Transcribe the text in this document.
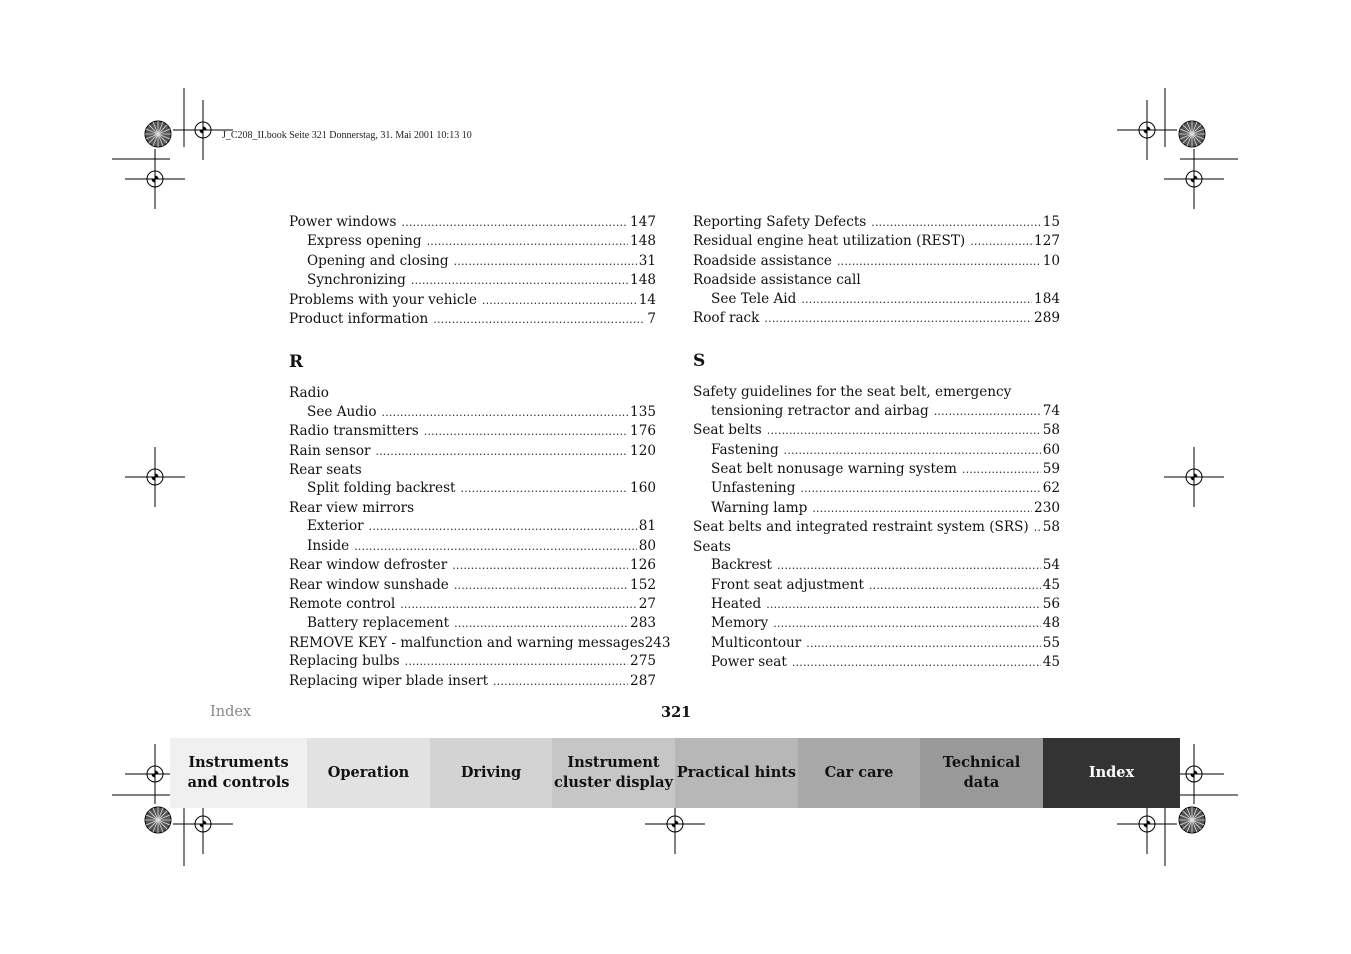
J_C208_II.book Seite 321 Donnerstag, 31. Mai 2001 10:13 10
Power windows .....	147
Express opening .....	148
Opening and closing .....	31
Synchronizing .....	148
Problems with your vehicle .....	14
Product information .....	7
R
Radio
See Audio .....	135
Radio transmitters .....	176
Rain sensor .....	120
Rear seats
Split folding backrest .....	160
Rear view mirrors
Exterior .....	81
Inside .....	80
Rear window defroster .....	126
Rear window sunshade .....	152
Remote control .....	27
Battery replacement .....	283
REMOVE KEY - malfunction and warning messages 243
Replacing bulbs .....	275
Replacing wiper blade insert .....	287
Reporting Safety Defects .....	15
Residual engine heat utilization (REST) .....	127
Roadside assistance .....	10
Roadside assistance call
See Tele Aid .....	184
Roof rack .....	289
S
Safety guidelines for the seat belt, emergency
tensioning retractor and airbag .....	74
Seat belts .....	58
Fastening .....	60
Seat belt nonusage warning system .....	59
Unfastening .....	62
Warning lamp .....	230
Seat belts and integrated restraint system (SRS) ..... 58
Seats
Backrest .....	54
Front seat adjustment .....	45
Heated .....	56
Memory .....	48
Multicontour .....	55
Power seat .....	45
Index	321
Instruments
and controls
Operation	Driving
Instrument
cluster display
Practical hints Car care
Technical
data
Index
